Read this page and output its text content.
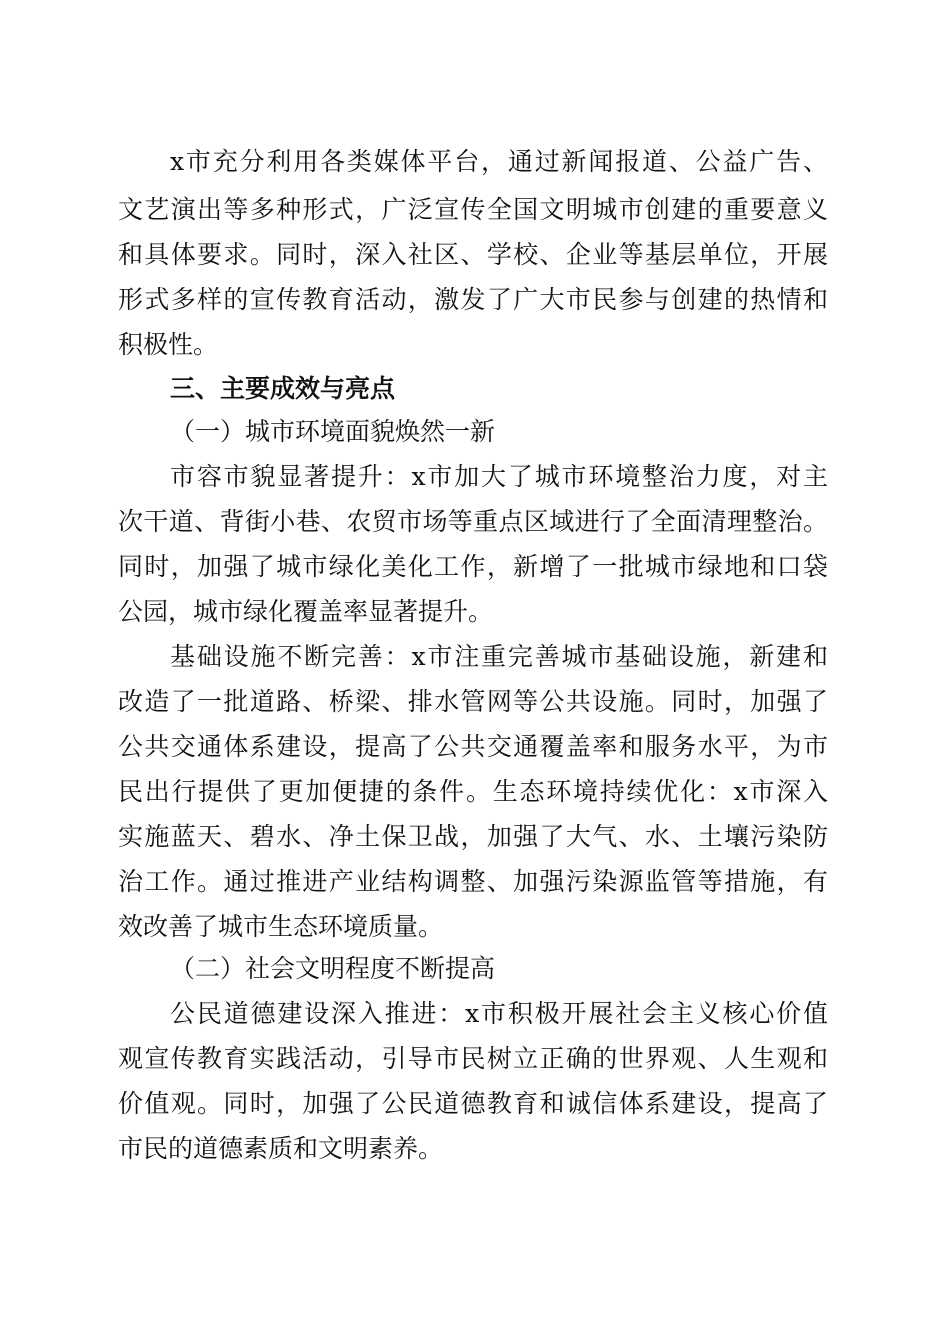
x市充分利用各类媒体平台，通过新闻报道、公益广告、
文艺演出等多种形式，广泛宣传全国文明城市创建的重要意义
和具体要求。同时，深入社区、学校、企业等基层单位，开展
形式多样的宣传教育活动，激发了广大市民参与创建的热情和
积极性。
三、主要成效与亮点
（一）城市环境面貌焕然一新
市容市貌显著提升：x市加大了城市环境整治力度，对主
次干道、背街小巷、农贸市场等重点区域进行了全面清理整治。
同时，加强了城市绿化美化工作，新增了一批城市绿地和口袋
公园，城市绿化覆盖率显著提升。
基础设施不断完善：x市注重完善城市基础设施，新建和
改造了一批道路、桥梁、排水管网等公共设施。同时，加强了
公共交通体系建设，提高了公共交通覆盖率和服务水平，为市
民出行提供了更加便捷的条件。生态环境持续优化：x市深入
实施蓝天、碧水、净土保卫战，加强了大气、水、土壤污染防
治工作。通过推进产业结构调整、加强污染源监管等措施，有
效改善了城市生态环境质量。
（二）社会文明程度不断提高
公民道德建设深入推进：x市积极开展社会主义核心价值
观宣传教育实践活动，引导市民树立正确的世界观、人生观和
价值观。同时，加强了公民道德教育和诚信体系建设，提高了
市民的道德素质和文明素养。
